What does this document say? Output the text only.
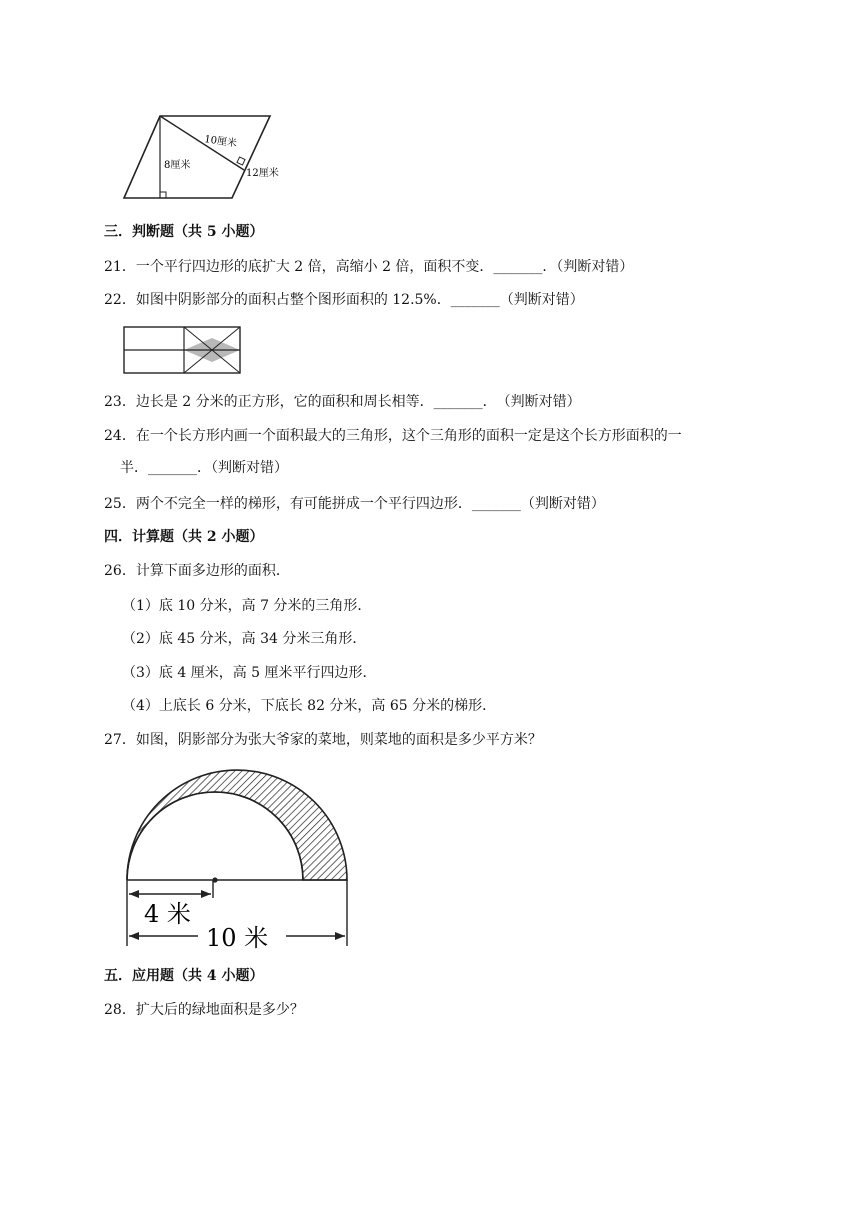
10厘米
8厘米
12厘米
三．判断题（共 5 小题）
21．一个平行四边形的底扩大 2 倍，高缩小 2 倍，面积不变．_______．（判断对错）
22．如图中阴影部分的面积占整个图形面积的 12.5%．_______（判断对错）
23．边长是 2 分米的正方形，它的面积和周长相等．_______．　（判断对错）
24．在一个长方形内画一个面积最大的三角形，这个三角形的面积一定是这个长方形面积的一
半．_______．（判断对错）
25．两个不完全一样的梯形，有可能拼成一个平行四边形．_______（判断对错）
四．计算题（共 2 小题）
26．计算下面多边形的面积．
（1）底 10 分米，高 7 分米的三角形．
（2）底 45 分米，高 34 分米三角形．
（3）底 4 厘米，高 5 厘米平行四边形．
（4）上底长 6 分米，下底长 82 分米，高 65 分米的梯形．
27．如图，阴影部分为张大爷家的菜地，则菜地的面积是多少平方米？
4 米
10 米
五．应用题（共 4 小题）
28．扩大后的绿地面积是多少？
